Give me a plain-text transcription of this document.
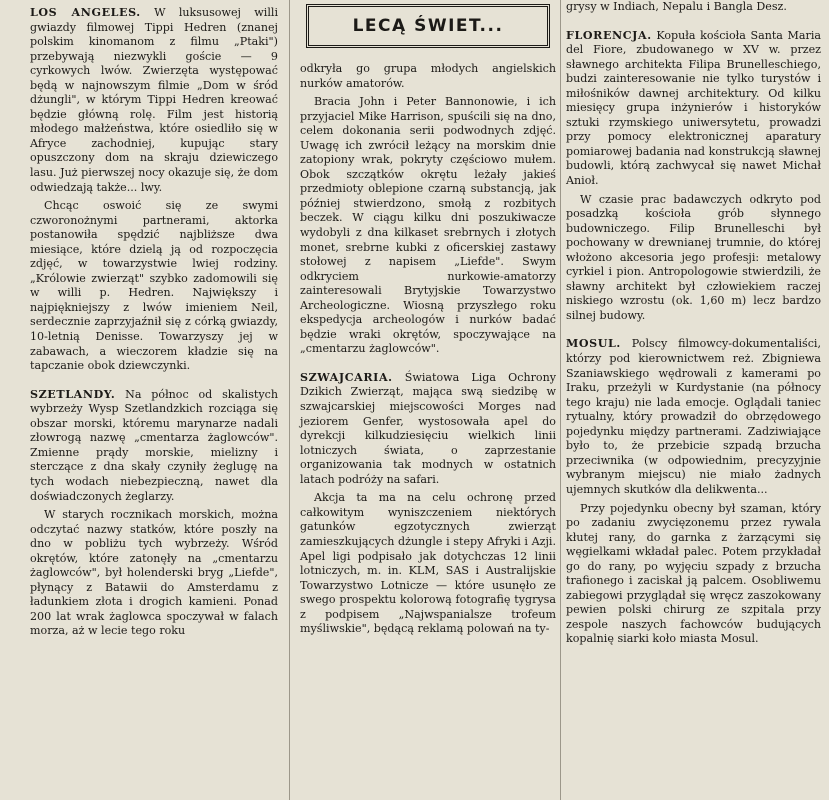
LOS ANGELES. W luksusowej willi gwiazdy filmowej Tippi Hedren (znanej polskim kinomanom z filmu „Ptaki") przebywają niezwykli goście — 9 cyrkowych lwów. Zwierzęta występować będą w najnowszym filmie „Dom w śród dżungli", w którym Tippi Hedren kreować będzie główną rolę. Film jest historią młodego małżeństwa, które osiedliło się w Afryce zachodniej, kupując stary opuszczony dom na skraju dziewiczego lasu. Już pierwszej nocy okazuje się, że dom odwiedzają także... lwy.

Chcąc oswoić się ze swymi czworonożnymi partnerami, aktorka postanowiła spędzić najbliższe dwa miesiące, które dzielą ją od rozpoczęcia zdjęć, w towarzystwie lwiej rodziny. „Królowie zwierząt" szybko zadomowili się w willi p. Hedren. Największy i najpiękniejszy z lwów imieniem Neil, serdecznie zaprzyjaźnił się z córką gwiazdy, 10-letnią Denisse. Towarzyszy jej w zabawach, a wieczorem kładzie się na tapczanie obok dziewczynki.

SZETLANDY. Na północ od skalistych wybrzeży Wysp Szetlandzkich rozciąga się obszar morski, któremu marynarze nadali złowrogą nazwę „cmentarza żaglowców". Zmienne prądy morskie, mielizny i sterczące z dna skały czyniły żeglugę na tych wodach niebezpieczną, nawet dla doświadczonych żeglarzy.

W starych rocznikach morskich, można odczytać nazwy statków, które poszły na dno w pobliżu tych wybrzeży. Wśród okrętów, które zatonęły na „cmentarzu żaglowców", był holenderski bryg „Liefde", płynący z Batawii do Amsterdamu z ładunkiem złota i drogich kamieni. Ponad 200 lat wrak żaglowca spoczywał w falach morza, aż w lecie tego roku

LECĄ ŚWIET...

odkryła go grupa młodych angielskich nurków amatorów.

Bracia John i Peter Bannonowie, i ich przyjaciel Mike Harrison, spuścili się na dno, celem dokonania serii podwodnych zdjęć. Uwagę ich zwrócił leżący na morskim dnie zatopiony wrak, pokryty częściowo mułem. Obok szczątków okrętu leżały jakieś przedmioty oblepione czarną substancją, jak później stwierdzono, smołą z rozbitych beczek. W ciągu kilku dni poszukiwacze wydobyli z dna kilkaset srebrnych i złotych monet, srebrne kubki z oficerskiej zastawy stołowej z napisem „Liefde". Swym odkryciem nurkowie-amatorzy zainteresowali Brytyjskie Towarzystwo Archeologiczne. Wiosną przyszłego roku ekspedycja archeologów i nurków badać będzie wraki okrętów, spoczywające na „cmentarzu żaglowców".

SZWAJCARIA. Światowa Liga Ochrony Dzikich Zwierząt, mająca swą siedzibę w szwajcarskiej miejscowości Morges nad jeziorem Genfer, wystosowała apel do dyrekcji kilkudziesięciu wielkich linii lotniczych świata, o zaprzestanie organizowania tak modnych w ostatnich latach podróży na safari.

Akcja ta ma na celu ochronę przed całkowitym wyniszczeniem niektórych gatunków egzotycznych zwierząt zamieszkujących dżungle i stepy Afryki i Azji. Apel ligi podpisało jak dotychczas 12 linii lotniczych, m. in. KLM, SAS i Australijskie Towarzystwo Lotnicze — które usunęło ze swego prospektu kolorową fotografię tygrysa z podpisem „Najwspanialsze trofeum myśliwskie", będącą reklamą polowań na ty-

grysy w Indiach, Nepalu i Bangla Desz.

FLORENCJA. Kopuła kościoła Santa Maria del Fiore, zbudowanego w XV w. przez sławnego architekta Filipa Brunelleschiego, budzi zainteresowanie nie tylko turystów i miłośników dawnej architektury. Od kilku miesięcy grupa inżynierów i historyków sztuki rzymskiego uniwersytetu, prowadzi przy pomocy elektronicznej aparatury pomiarowej badania nad konstrukcją sławnej budowli, którą zachwycał się nawet Michał Anioł.

W czasie prac badawczych odkryto pod posadzką kościoła grób słynnego budowniczego. Filip Brunelleschi był pochowany w drewnianej trumnie, do której włożono akcesoria jego profesji: metalowy cyrkiel i pion. Antropologowie stwierdzili, że sławny architekt był człowiekiem raczej niskiego wzrostu (ok. 1,60 m) lecz bardzo silnej budowy.

MOSUL. Polscy filmowcy-dokumentaliści, którzy pod kierownictwem reż. Zbigniewa Szaniawskiego wędrowali z kamerami po Iraku, przeżyli w Kurdystanie (na północy tego kraju) nie lada emocje. Oglądali taniec rytualny, który prowadził do obrzędowego pojedynku między partnerami. Zadziwiające było to, że przebicie szpadą brzucha przeciwnika (w odpowiednim, precyzyjnie wybranym miejscu) nie miało żadnych ujemnych skutków dla delikwenta...

Przy pojedynku obecny był szaman, który po zadaniu zwycięzonemu przez rywala kłutej rany, do garnka z żarzącymi się węgielkami wkładał palec. Potem przykładał go do rany, po wyjęciu szpady z brzucha trafionego i zaciskał ją palcem. Osobliwemu zabiegowi przyglądał się wręcz zaszokowany pewien polski chirurg ze szpitala przy zespole naszych fachowców budujących kopalnię siarki koło miasta Mosul.
